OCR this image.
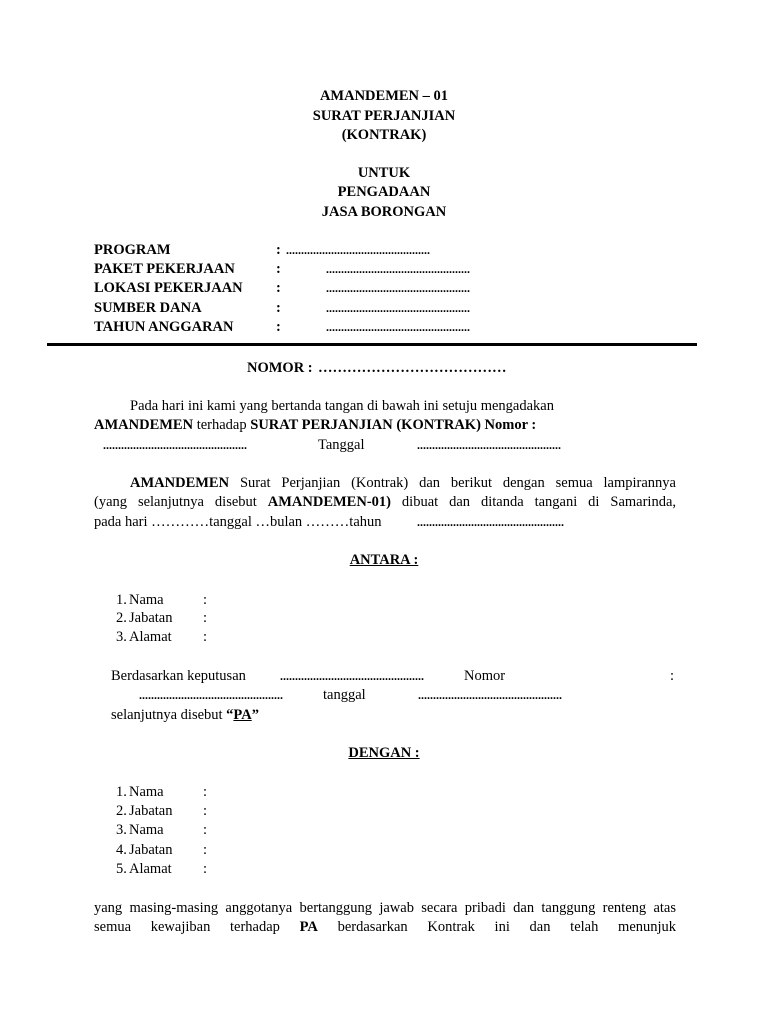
AMANDEMEN – 01
SURAT PERJANJIAN
(KONTRAK)
UNTUK
PENGADAAN
JASA BORONGAN
PROGRAM	: ................................................
PAKET PEKERJAAN	:	................................................
LOKASI PEKERJAAN :	................................................
SUMBER DANA	:	................................................
TAHUN ANGGARAN	:	................................................
NOMOR : …………………………………
Pada hari ini kami yang bertanda tangan di bawah ini setuju mengadakan
AMANDEMEN terhadap SURAT PERJANJIAN (KONTRAK) Nomor :
................................................	Tanggal	................................................
AMANDEMEN Surat Perjanjian (Kontrak) dan berikut dengan semua lampirannya
(yang selanjutnya disebut AMANDEMEN-01) dibuat dan ditanda tangani di Samarinda,
pada hari …………tanggal …bulan ………tahun	.................................................
ANTARA :
1. Nama	:
2. Jabatan :
3. Alamat :
Berdasarkan keputusan	................................................	Nomor	:
................................................	tanggal	................................................
selanjutnya disebut “PA”
DENGAN :
1. Nama	:
2. Jabatan :
3. Nama	:
4. Jabatan :
5. Alamat :
yang masing-masing anggotanya bertanggung jawab secara pribadi dan tanggung renteng atas
semua kewajiban terhadap PA berdasarkan Kontrak ini dan telah menunjuk
